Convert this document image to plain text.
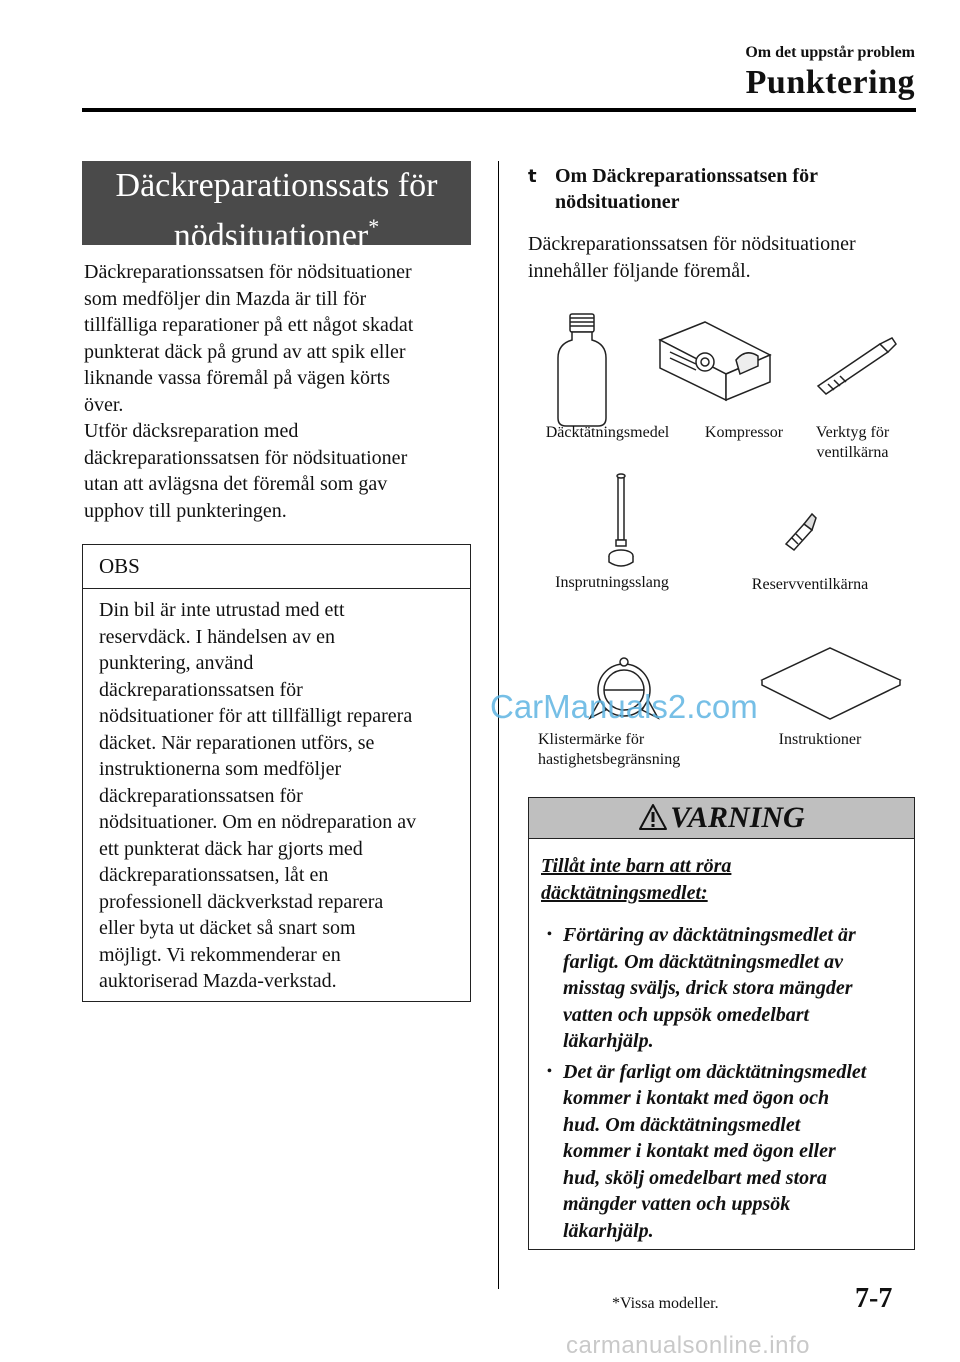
Om det uppstår problem
Punktering
Däckreparationssats för
nödsituationer*
Däckreparationssatsen för nödsituationer
som medföljer din Mazda är till för
tillfälliga reparationer på ett något skadat
punkterat däck på grund av att spik eller
liknande vassa föremål på vägen körts
över.
Utför däcksreparation med
däckreparationssatsen för nödsituationer
utan att avlägsna det föremål som gav
upphov till punkteringen.
OBS
Din bil är inte utrustad med ett
reservdäck. I händelsen av en
punktering, använd
däckreparationssatsen för
nödsituationer för att tillfälligt reparera
däcket. När reparationen utförs, se
instruktionerna som medföljer
däckreparationssatsen för
nödsituationer. Om en nödreparation av
ett punkterat däck har gjorts med
däckreparationssatsen, låt en
professionell däckverkstad reparera
eller byta ut däcket så snart som
möjligt. Vi rekommenderar en
auktoriserad Mazda-verkstad.
t Om Däckreparationssatsen för
nödsituationer
Däckreparationssatsen för nödsituationer
innehåller följande föremål.
Däcktätningsmedel	Kompressor	Verktyg för
ventilkärna
Insprutningsslang	Reservventilkärna
Klistermärke för
hastighetsbegränsning
Instruktioner
CarManuals2.com
VARNING
Tillåt inte barn att röra
däcktätningsmedlet:
• Förtäring av däcktätningsmedlet är
farligt. Om däcktätningsmedlet av
misstag sväljs, drick stora mängder
vatten och uppsök omedelbart
läkarhjälp.
• Det är farligt om däcktätningsmedlet
kommer i kontakt med ögon och
hud. Om däcktätningsmedlet
kommer i kontakt med ögon eller
hud, skölj omedelbart med stora
mängder vatten och uppsök
läkarhjälp.
*Vissa modeller.	7-7
carmanualsonline.info
